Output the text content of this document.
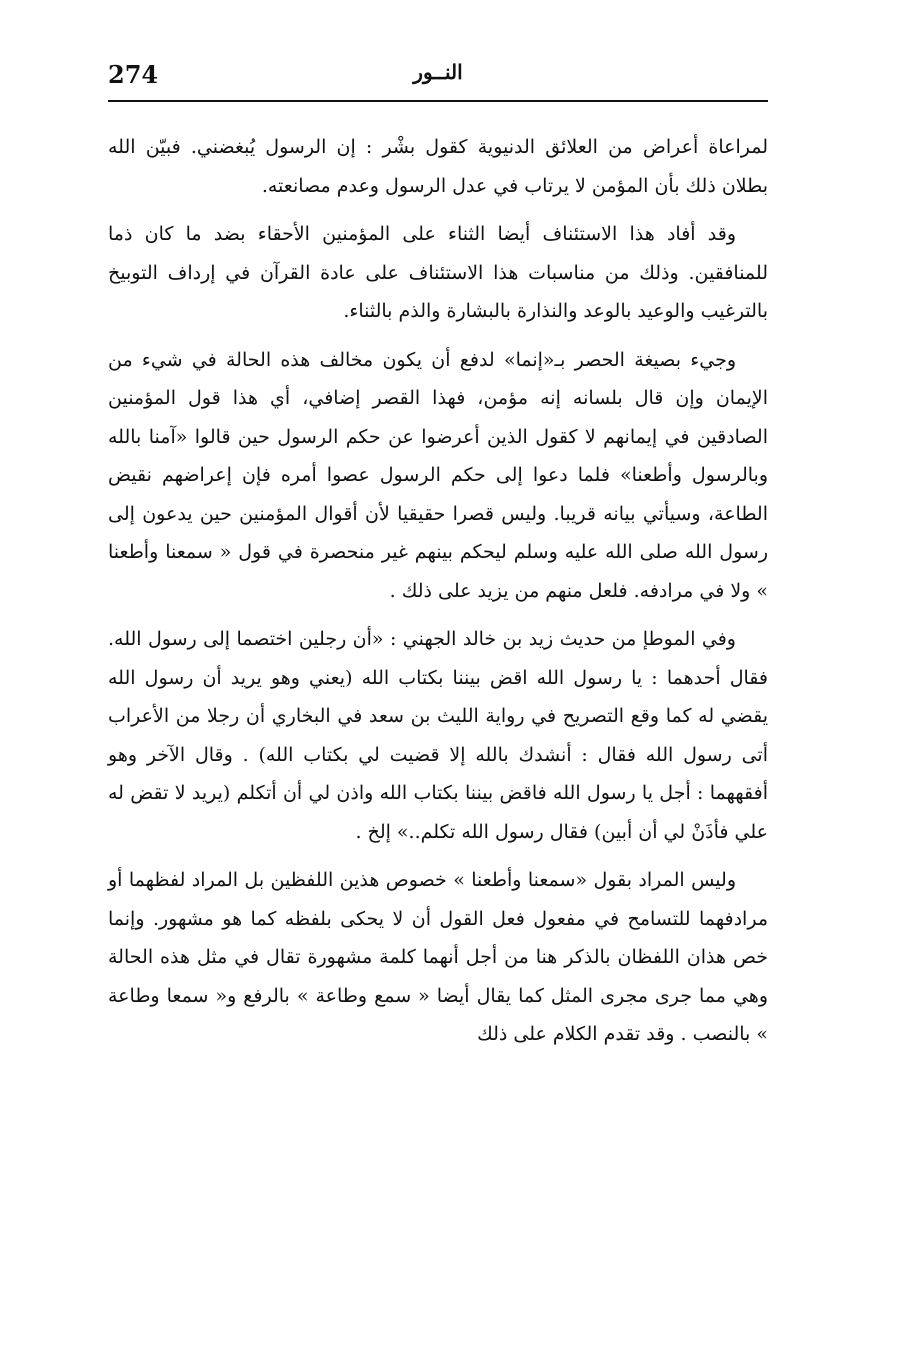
274	النــور

لمراعاة أعراض من العلائق الدنيوية كقول بشْر : إن الرسول يُبغضني. فبيّن الله بطلان ذلك بأن المؤمن لا يرتاب في عدل الرسول وعدم مصانعته.

وقد أفاد هذا الاستئناف أيضا الثناء على المؤمنين الأحقاء بضد ما كان ذما للمنافقين. وذلك من مناسبات هذا الاستئناف على عادة القرآن في إرداف التوبيخ بالترغيب والوعيد بالوعد والنذارة بالبشارة والذم بالثناء.

وجيء بصيغة الحصر بـ«إنما» لدفع أن يكون مخالف هذه الحالة في شيء من الإيمان وإن قال بلسانه إنه مؤمن، فهذا القصر إضافي، أي هذا قول المؤمنين الصادقين في إيمانهم لا كقول الذين أعرضوا عن حكم الرسول حين قالوا «آمنا بالله وبالرسول وأطعنا» فلما دعوا إلى حكم الرسول عصوا أمره فإن إعراضهم نقيض الطاعة، وسيأتي بيانه قريبا. وليس قصرا حقيقيا لأن أقوال المؤمنين حين يدعون إلى رسول الله صلى الله عليه وسلم ليحكم بينهم غير منحصرة في قول « سمعنا وأطعنا » ولا في مرادفه. فلعل منهم من يزيد على ذلك .

وفي الموطإ من حديث زيد بن خالد الجهني : «أن رجلين اختصما إلى رسول الله. فقال أحدهما : يا رسول الله اقض بيننا بكتاب الله (يعني وهو يريد أن رسول الله يقضي له كما وقع التصريح في رواية الليث بن سعد في البخاري أن رجلا من الأعراب أتى رسول الله فقال : أنشدك بالله إلا قضيت لي بكتاب الله) . وقال الآخر وهو أفقههما : أجل يا رسول الله فاقض بيننا بكتاب الله واذن لي أن أتكلم (يريد لا تقض له علي فأذَنْ لي أن أبين) فقال رسول الله تكلم..» إلخ .

وليس المراد بقول «سمعنا وأطعنا » خصوص هذين اللفظين بل المراد لفظهما أو مرادفهما للتسامح في مفعول فعل القول أن لا يحكى بلفظه كما هو مشهور. وإنما خص هذان اللفظان بالذكر هنا من أجل أنهما كلمة مشهورة تقال في مثل هذه الحالة وهي مما جرى مجرى المثل كما يقال أيضا « سمع وطاعة » بالرفع و« سمعا وطاعة » بالنصب . وقد تقدم الكلام على ذلك
